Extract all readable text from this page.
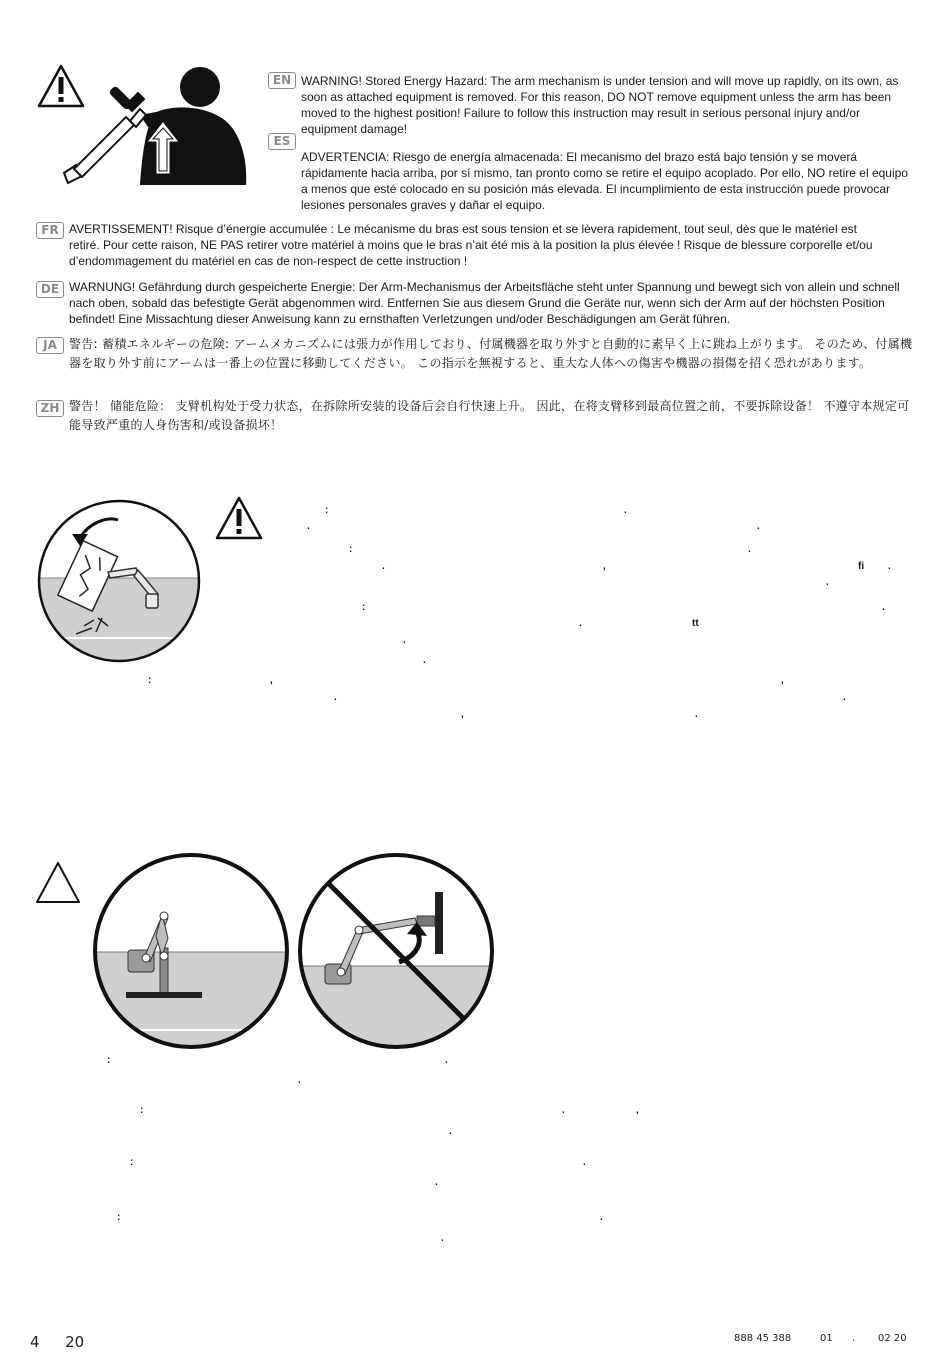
EN WARNING! Stored Energy Hazard: The arm mechanism is under tension and will move up rapidly, on its own, as soon as attached equipment is removed. For this reason, DO NOT remove equipment unless the arm has been moved to the highest position! Failure to follow this instruction may result in serious personal injury and/or equipment damage!

ES

ADVERTENCIA: Riesgo de energía almacenada: El mecanismo del brazo está bajo tensión y se moverá rápidamente hacia arriba, por sí mismo, tan pronto como se retire el equipo acoplado. Por ello, NO retire el equipo a menos que esté colocado en su posición más elevada. El incumplimiento de esta instrucción puede provocar lesiones personales graves y dañar el equipo.

FR AVERTISSEMENT! Risque d’énergie accumulée : Le mécanisme du bras est sous tension et se lèvera rapidement, tout seul, dès que le matériel est retiré. Pour cette raison, NE PAS retirer votre matériel à moins que le bras n’ait été mis à la position la plus élevée ! Risque de blessure corporelle et/ou d’endommagement du matériel en cas de non-respect de cette instruction !

DE WARNUNG! Gefährdung durch gespeicherte Energie: Der Arm-Mechanismus der Arbeitsfläche steht unter Spannung und bewegt sich von allein und schnell nach oben, sobald das befestigte Gerät abgenommen wird. Entfernen Sie aus diesem Grund die Geräte nur, wenn sich der Arm auf der höchsten Position befindet! Eine Missachtung dieser Anweisung kann zu ernsthaften Verletzungen und/oder Beschädigungen am Gerät führen.

JA	警告: 蓄積エネルギーの危険: アームメカニズムには張力が作用しており、付属機器を取り外すと自動的に素早く上に跳ね上がります。 そのため、付属機器を取り外す前にアームは一番上の位置に移動してください。 この指示を無視すると、重大な人体への傷害や機器の損傷を招く恐れがあります。

ZH 警告！ 储能危险： 支臂机构处于受力状态，在拆除所安装的设备后会自行快速上升。 因此，在将支臂移到最高位置之前，不要拆除设备！ 不遵守本规定可能导致严重的人身伤害和/或设备损坏！

:	.
.	.
:	.
.	,	fi .
.
:	.
tt
.
.
.
:	,	,
.	.
,	.
:	.
.
:	.	,
.
:	.
.
:	.
.
4 20	888 45 388	01 . 02 20
